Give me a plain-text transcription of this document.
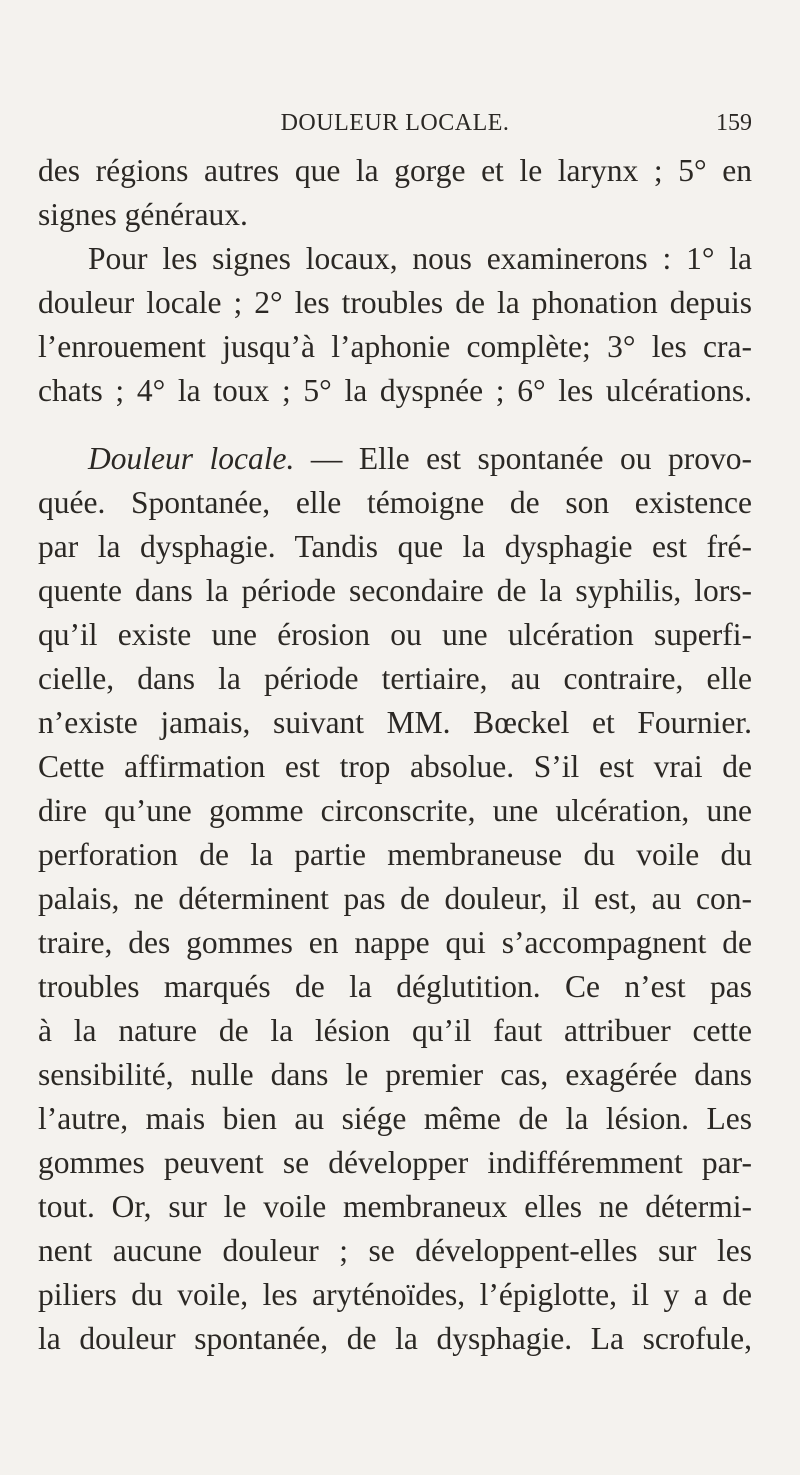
DOULEUR LOCALE.	159
des régions autres que la gorge et le larynx ; 5° en
signes généraux.
Pour les signes locaux, nous examinerons : 1° la
douleur locale ; 2° les troubles de la phonation depuis
l’enrouement jusqu’à l’aphonie complète; 3° les cra-
chats ; 4° la toux ; 5° la dyspnée ; 6° les ulcérations.
Douleur locale. — Elle est spontanée ou provo-
quée. Spontanée, elle témoigne de son existence
par la dysphagie. Tandis que la dysphagie est fré-
quente dans la période secondaire de la syphilis, lors-
qu’il existe une érosion ou une ulcération superfi-
cielle, dans la période tertiaire, au contraire, elle
n’existe jamais, suivant MM. Bœckel et Fournier.
Cette affirmation est trop absolue. S’il est vrai de
dire qu’une gomme circonscrite, une ulcération, une
perforation de la partie membraneuse du voile du
palais, ne déterminent pas de douleur, il est, au con-
traire, des gommes en nappe qui s’accompagnent de
troubles marqués de la déglutition. Ce n’est pas
à la nature de la lésion qu’il faut attribuer cette
sensibilité, nulle dans le premier cas, exagérée dans
l’autre, mais bien au siége même de la lésion. Les
gommes peuvent se développer indifféremment par-
tout. Or, sur le voile membraneux elles ne détermi-
nent aucune douleur ; se développent-elles sur les
piliers du voile, les aryténoïdes, l’épiglotte, il y a de
la douleur spontanée, de la dysphagie. La scrofule,
